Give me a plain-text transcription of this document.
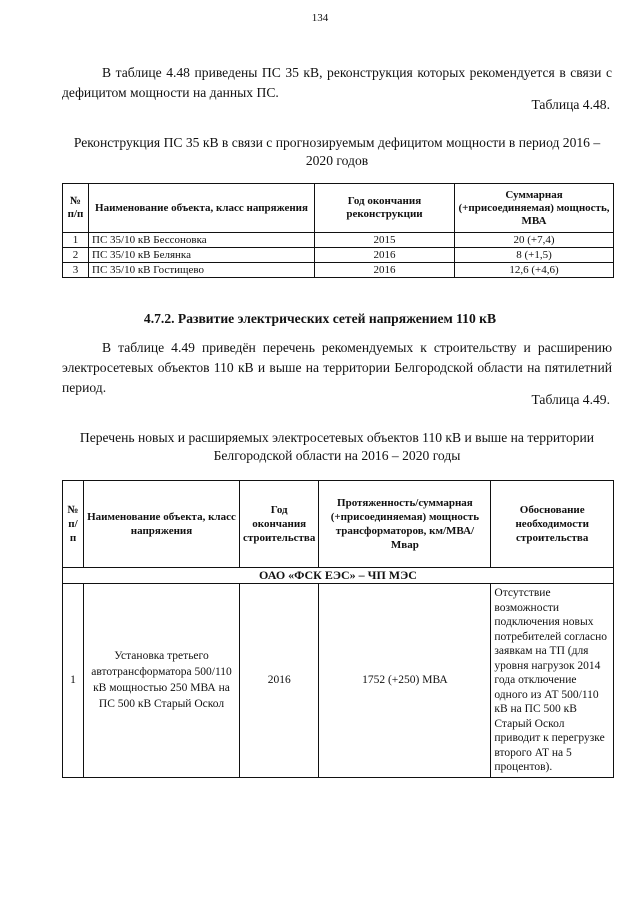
134
В таблице 4.48 приведены ПС 35 кВ, реконструкция которых рекомендуется в связи с дефицитом мощности на данных ПС.
Таблица 4.48.
Реконструкция ПС 35 кВ в связи с прогнозируемым дефицитом мощности в период 2016 – 2020 годов
№ п/п	Наименование объекта, класс напряжения	Год окончания реконструкции	Суммарная (+присоединяемая) мощность, МВА
1	ПС 35/10 кВ Бессоновка	2015	20 (+7,4)
2	ПС 35/10 кВ Белянка	2016	8 (+1,5)
3	ПС 35/10 кВ Гостищево	2016	12,6 (+4,6)
4.7.2. Развитие электрических сетей напряжением 110 кВ
В таблице 4.49 приведён перечень рекомендуемых к строительству и расширению электросетевых объектов 110 кВ и выше на территории Белгородской области на пятилетний период.
Таблица 4.49.
Перечень новых и расширяемых электросетевых объектов 110 кВ и выше на территории Белгородской области на 2016 – 2020 годы
№ п/п	Наименование объекта, класс напряжения	Год окончания строительства	Протяженность/суммарная (+присоединяемая) мощность трансформаторов, км/МВА/Мвар	Обоснование необходимости строительства
ОАО «ФСК ЕЭС» – ЧП МЭС				
1	Установка третьего автотрансформатора 500/110 кВ мощностью 250 МВА на ПС 500 кВ Старый Оскол	2016	1752 (+250) МВА	Отсутствие возможности подключения новых потребителей согласно заявкам на ТП (для уровня нагрузок 2014 года отключение одного из АТ 500/110 кВ на ПС 500 кВ Старый Оскол приводит к перегрузке второго АТ на 5 процентов).
